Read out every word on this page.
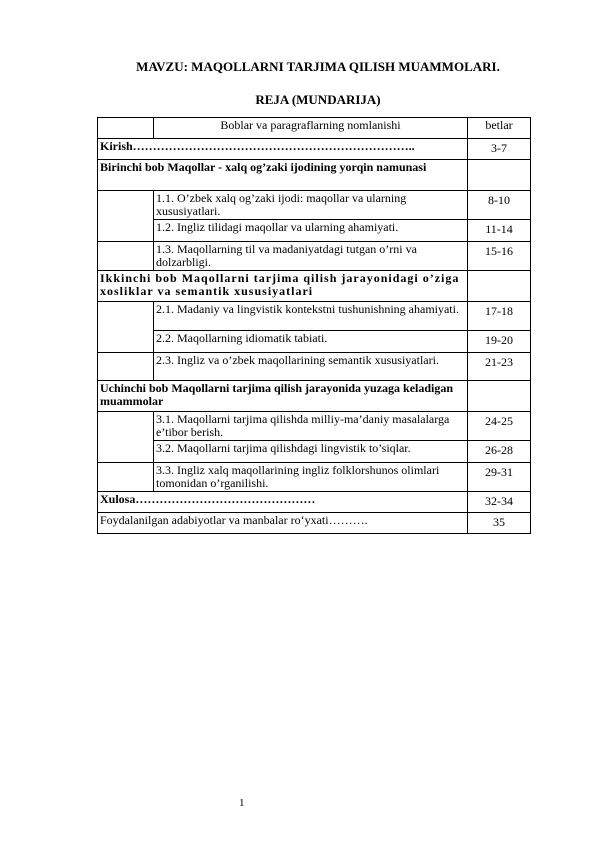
MAVZU: MAQOLLARNI TARJIMA QILISH MUAMMOLARI.
REJA (MUNDARIJA)
	Boblar va paragraflarning nomlanishi	betlar
Kirish……………………………………………………………..		3-7
Birinchi bob Maqollar - xalq og’zaki ijodining yorqin namunasi		
	1.1. O’zbek xalq og’zaki ijodi: maqollar va ularning xususiyatlari.	8-10
	1.2. Ingliz tilidagi maqollar va ularning ahamiyati.	11-14
	1.3. Maqollarning til va madaniyatdagi tutgan o’rni va dolzarbligi.	15-16
Ikkinchi bob Maqollarni tarjima qilish jarayonidagi o’ziga xosliklar va semantik xususiyatlari		
	2.1. Madaniy va lingvistik kontekstni tushunishning ahamiyati.	17-18
	2.2. Maqollarning idiomatik tabiati.	19-20
	2.3. Ingliz va o’zbek maqollarining semantik xususiyatlari.	21-23
Uchinchi bob Maqollarni tarjima qilish jarayonida yuzaga keladigan muammolar		
	3.1. Maqollarni tarjima qilishda milliy-ma’daniy masalalarga e’tibor berish.	24-25
	3.2. Maqollarni tarjima qilishdagi lingvistik to’siqlar.	26-28
	3.3. Ingliz xalq maqollarining ingliz folklorshunos olimlari tomonidan o’rganilishi.	29-31
Xulosa………………………………………		32-34
Foydalanilgan adabiyotlar va manbalar ro‘yxati……….		35
1
